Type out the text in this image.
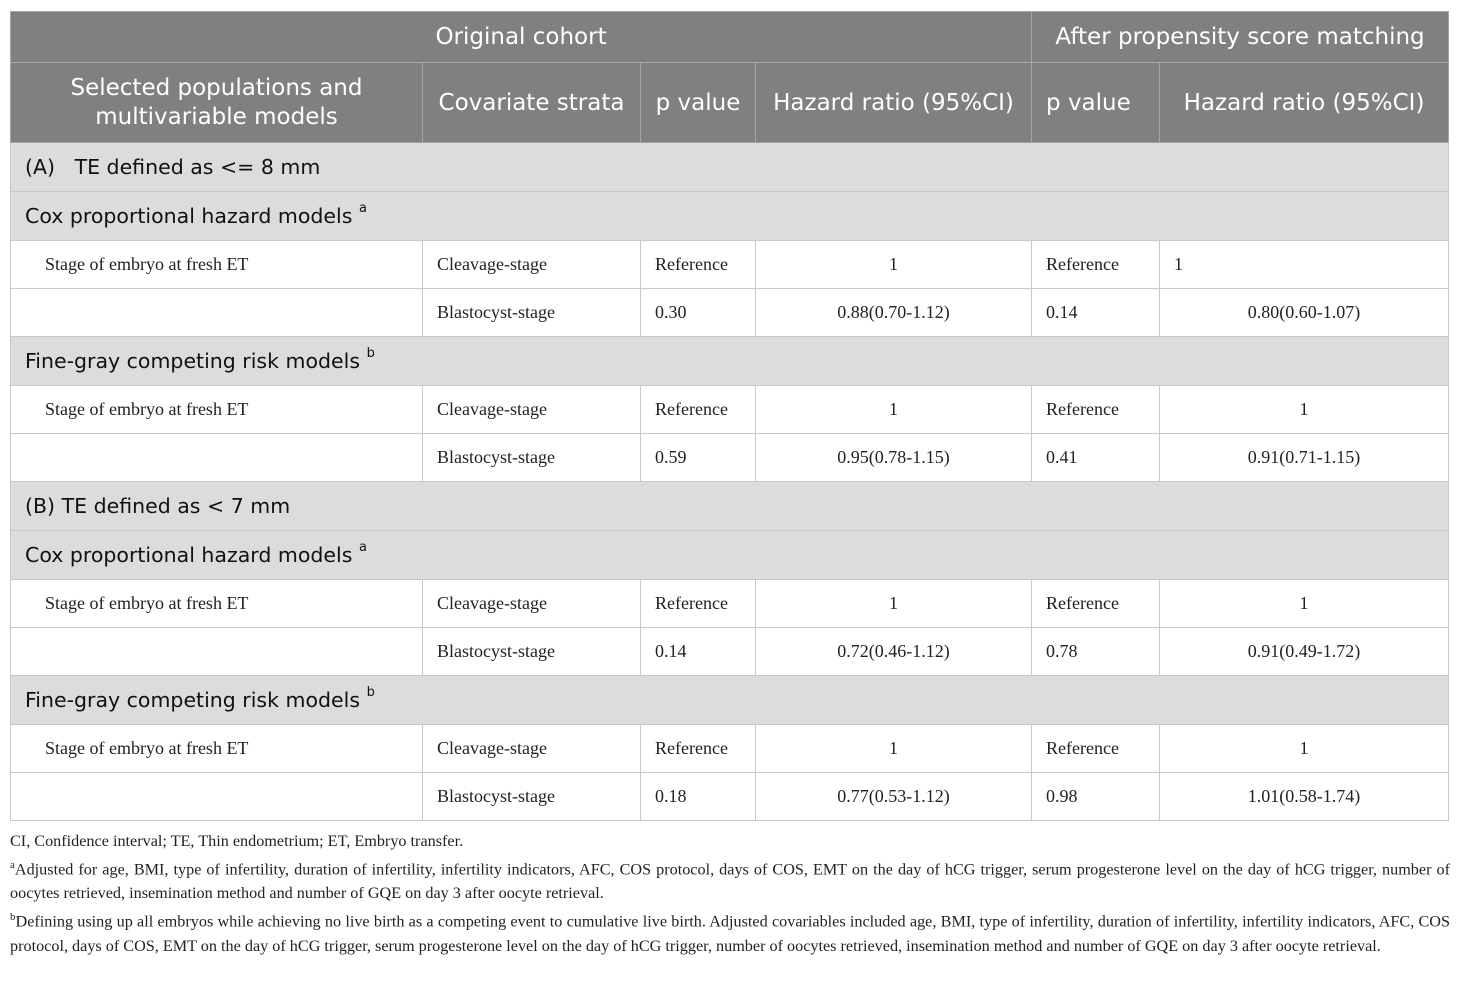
Original cohort				After propensity score matching	
Selected populations and
multivariable models	Covariate strata	p value	Hazard ratio (95%CI)	p value	Hazard ratio (95%CI)
(A)   TE defined as <= 8 mm					
Cox proportional hazard models $^a$
Stage of embryo at fresh ET	Cleavage-stage	Reference	1	Reference	1
	Blastocyst-stage	0.30	0.88(0.70-1.12)	0.14	0.80(0.60-1.07)
Fine-gray competing risk models $^b$
Stage of embryo at fresh ET	Cleavage-stage	Reference	1	Reference	1
	Blastocyst-stage	0.59	0.95(0.78-1.15)	0.41	0.91(0.71-1.15)
(B) TE defined as < 7 mm					
Cox proportional hazard models $^a$
Stage of embryo at fresh ET	Cleavage-stage	Reference	1	Reference	1
	Blastocyst-stage	0.14	0.72(0.46-1.12)	0.78	0.91(0.49-1.72)
Fine-gray competing risk models $^b$
Stage of embryo at fresh ET	Cleavage-stage	Reference	1	Reference	1
	Blastocyst-stage	0.18	0.77(0.53-1.12)	0.98	1.01(0.58-1.74)

CI, Confidence interval; TE, Thin endometrium; ET, Embryo transfer.

$^a$Adjusted for age, BMI, type of infertility, duration of infertility, infertility indicators, AFC, COS protocol, days of COS, EMT on the day of hCG trigger, serum progesterone level on the day of hCG trigger, number of oocytes retrieved, insemination method and number of GQE on day 3 after oocyte retrieval.

$^b$Defining using up all embryos while achieving no live birth as a competing event to cumulative live birth. Adjusted covariables included age, BMI, type of infertility, duration of infertility, infertility indicators, AFC, COS protocol, days of COS, EMT on the day of hCG trigger, serum progesterone level on the day of hCG trigger, number of oocytes retrieved, insemination method and number of GQE on day 3 after oocyte retrieval.
